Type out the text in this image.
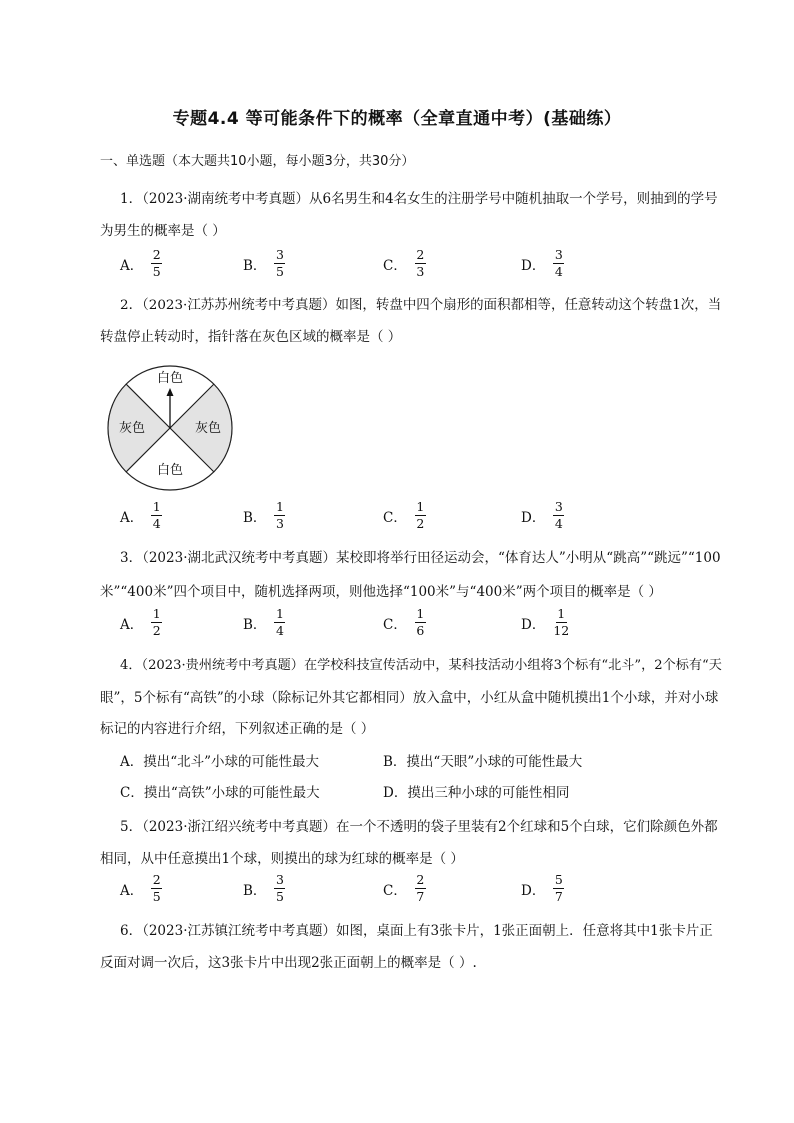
专题4.4 等可能条件下的概率（全章直通中考）(基础练）
一、单选题（本大题共10小题，每小题3分，共30分）
1．（2023·湖南统考中考真题）从6名男生和4名女生的注册学号中随机抽取一个学号，则抽到的学号
为男生的概率是（ ）
A． $\frac{2}{5}$	B． $\frac{3}{5}$	C． $\frac{2}{3}$	D． $\frac{3}{4}$
2．（2023·江苏苏州统考中考真题）如图，转盘中四个扇形的面积都相等，任意转动这个转盘1次，当
转盘停止转动时，指针落在灰色区域的概率是（ ）
白色
白色
灰色	灰色
A． $\frac{1}{4}$	B． $\frac{1}{3}$	C． $\frac{1}{2}$	D． $\frac{3}{4}$
3．（2023·湖北武汉统考中考真题）某校即将举行田径运动会，“体育达人”小明从“跳高”“跳远”“100
米”“400米”四个项目中，随机选择两项，则他选择“100米”与“400米”两个项目的概率是（ ）
A． $\frac{1}{2}$	B． $\frac{1}{4}$	C． $\frac{1}{6}$	D． $\frac{1}{12}$
4．（2023·贵州统考中考真题）在学校科技宣传活动中，某科技活动小组将3个标有“北斗”，2个标有“天
眼”，5个标有“高铁”的小球（除标记外其它都相同）放入盒中，小红从盒中随机摸出1个小球，并对小球
标记的内容进行介绍，下列叙述正确的是（ ）
A．摸出“北斗”小球的可能性最大	B．摸出“天眼”小球的可能性最大
C．摸出“高铁”小球的可能性最大	D．摸出三种小球的可能性相同
5．（2023·浙江绍兴统考中考真题）在一个不透明的袋子里装有2个红球和5个白球，它们除颜色外都
相同，从中任意摸出1个球，则摸出的球为红球的概率是（ ）
A． $\frac{2}{5}$	B． $\frac{3}{5}$	C． $\frac{2}{7}$	D． $\frac{5}{7}$
6．（2023·江苏镇江统考中考真题）如图，桌面上有3张卡片，1张正面朝上．任意将其中1张卡片正
反面对调一次后，这3张卡片中出现2张正面朝上的概率是（ ）.
